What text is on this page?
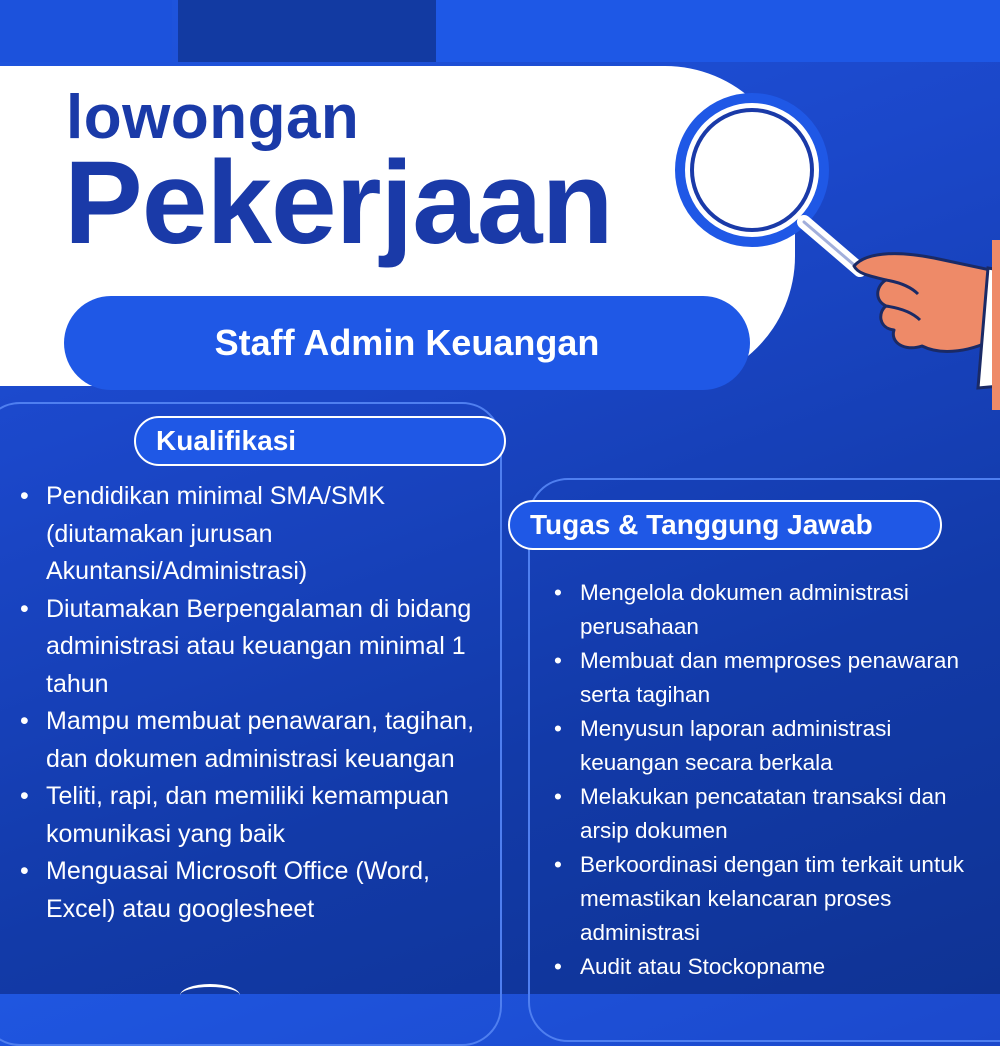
lowongan
Pekerjaan
Staff Admin Keuangan
Kualifikasi
• Pendidikan minimal SMA/SMK (diutamakan jurusan Akuntansi/Administrasi)
• Diutamakan Berpengalaman di bidang administrasi atau keuangan minimal 1 tahun
• Mampu membuat penawaran, tagihan, dan dokumen administrasi keuangan
• Teliti, rapi, dan memiliki kemampuan komunikasi yang baik
• Menguasai Microsoft Office (Word, Excel) atau googlesheet
Tugas & Tanggung Jawab
• Mengelola dokumen administrasi perusahaan
• Membuat dan memproses penawaran serta tagihan
• Menyusun laporan administrasi keuangan secara berkala
• Melakukan pencatatan transaksi dan arsip dokumen
• Berkoordinasi dengan tim terkait untuk memastikan kelancaran proses administrasi
• Audit atau Stockopname
